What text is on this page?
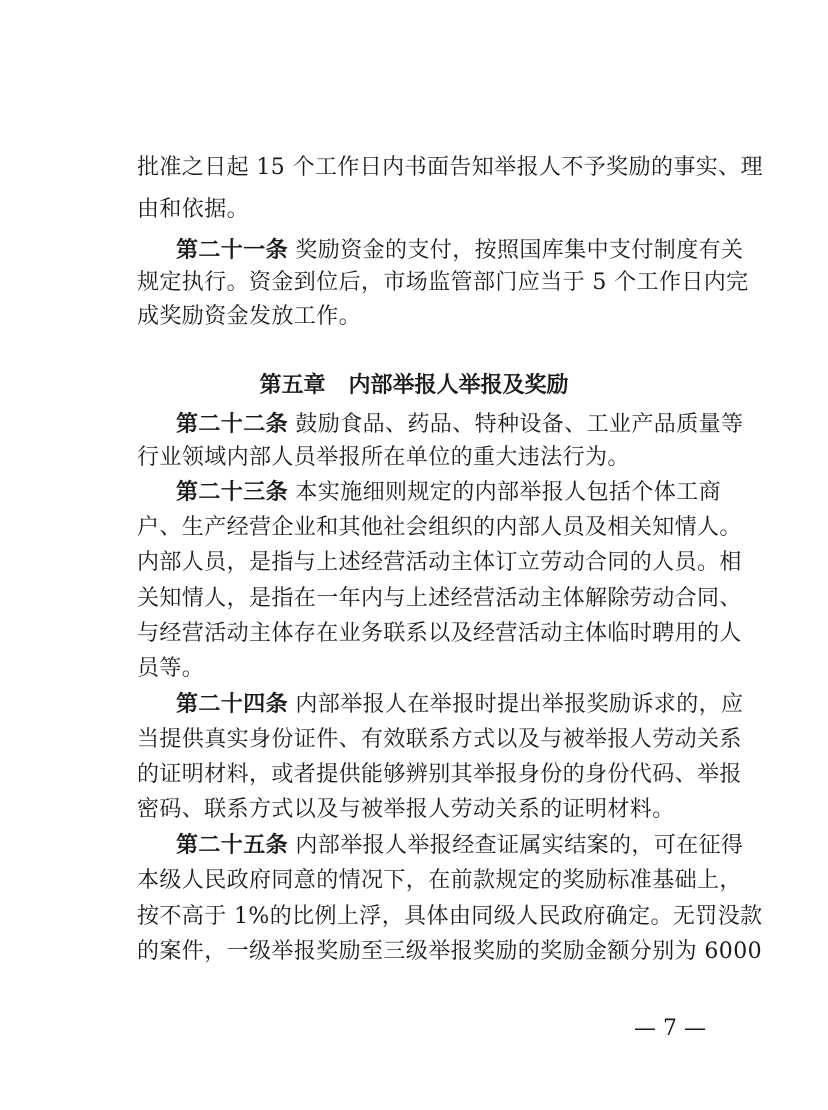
批准之日起 15 个工作日内书面告知举报人不予奖励的事实、理
由和依据。
第二十一条 奖励资金的支付，按照国库集中支付制度有关
规定执行。资金到位后，市场监管部门应当于 5 个工作日内完
成奖励资金发放工作。
第五章   内部举报人举报及奖励
第二十二条 鼓励食品、药品、特种设备、工业产品质量等
行业领域内部人员举报所在单位的重大违法行为。
第二十三条 本实施细则规定的内部举报人包括个体工商
户、生产经营企业和其他社会组织的内部人员及相关知情人。
内部人员，是指与上述经营活动主体订立劳动合同的人员。相
关知情人，是指在一年内与上述经营活动主体解除劳动合同、
与经营活动主体存在业务联系以及经营活动主体临时聘用的人
员等。
第二十四条 内部举报人在举报时提出举报奖励诉求的，应
当提供真实身份证件、有效联系方式以及与被举报人劳动关系
的证明材料，或者提供能够辨别其举报身份的身份代码、举报
密码、联系方式以及与被举报人劳动关系的证明材料。
第二十五条 内部举报人举报经查证属实结案的，可在征得
本级人民政府同意的情况下，在前款规定的奖励标准基础上，
按不高于 1%的比例上浮，具体由同级人民政府确定。无罚没款
的案件，一级举报奖励至三级举报奖励的奖励金额分别为 6000
— 7 —
